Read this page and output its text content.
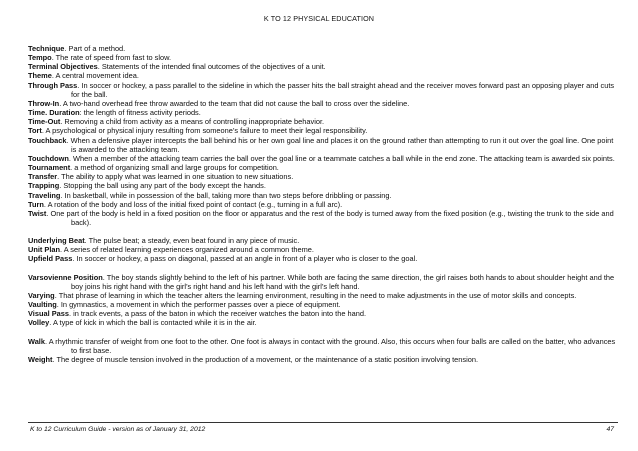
K TO 12 PHYSICAL EDUCATION

Technique. Part of a method.

Tempo. The rate of speed from fast to slow.

Terminal Objectives. Statements of the intended final outcomes of the objectives of a unit.

Theme. A central movement idea.

Through Pass. In soccer or hockey, a pass parallel to the sideline in which the passer hits the ball straight ahead and the receiver moves forward past an opposing player and cuts for the ball.

Throw-In. A two-hand overhead free throw awarded to the team that did not cause the ball to cross over the sideline.

Time. Duration: the length of fitness activity periods.

Time-Out. Removing a child from activity as a means of controlling inappropriate behavior.

Tort. A psychological or physical injury resulting from someone’s failure to meet their legal responsibility.

Touchback. When a defensive player intercepts the ball behind his or her own goal line and places it on the ground rather than attempting to run it out over the goal line. One point is awarded to the attacking team.

Touchdown. When a member of the attacking team carries the ball over the goal line or a teammate catches a ball while in the end zone. The attacking team is awarded six points.

Tournament. a method of organizing small and large groups for competition.

Transfer. The ability to apply what was learned in one situation to new situations.

Trapping. Stopping the ball using any part of the body except the hands.

Traveling. In basketball, while in possession of the ball, taking more than two steps before dribbling or passing.

Turn. A rotation of the body and loss of the initial fixed point of contact (e.g., turning in a full arc).

Twist. One part of the body is held in a fixed position on the floor or apparatus and the rest of the body is turned away from the fixed position (e.g., twisting the trunk to the side and back).

Underlying Beat. The pulse beat; a steady, even beat found in any piece of music.

Unit Plan. A series of related learning experiences organized around a common theme.

Upfield Pass. In soccer or hockey, a pass on diagonal, passed at an angle in front of a player who is closer to the goal.

Varsovienne Position. The boy stands slightly behind to the left of his partner. While both are facing the same direction, the girl raises both hands to about shoulder height and the boy joins his right hand with the girl’s right hand and his left hand with the girl’s left hand.

Varying. That phrase of learning in which the teacher alters the learning environment, resulting in the need to make adjustments in the use of motor skills and concepts.

Vaulting. In gymnastics, a movement in which the performer passes over a piece of equipment.

Visual Pass. in track events, a pass of the baton in which the receiver watches the baton into the hand.

Volley. A type of kick in which the ball is contacted while it is in the air.

Walk. A rhythmic transfer of weight from one foot to the other. One foot is always in contact with the ground. Also, this occurs when four balls are called on the batter, who advances to first base.

Weight. The degree of muscle tension involved in the production of a movement, or the maintenance of a static position involving tension.

K to 12 Curriculum Guide - version as of January 31, 2012	47
